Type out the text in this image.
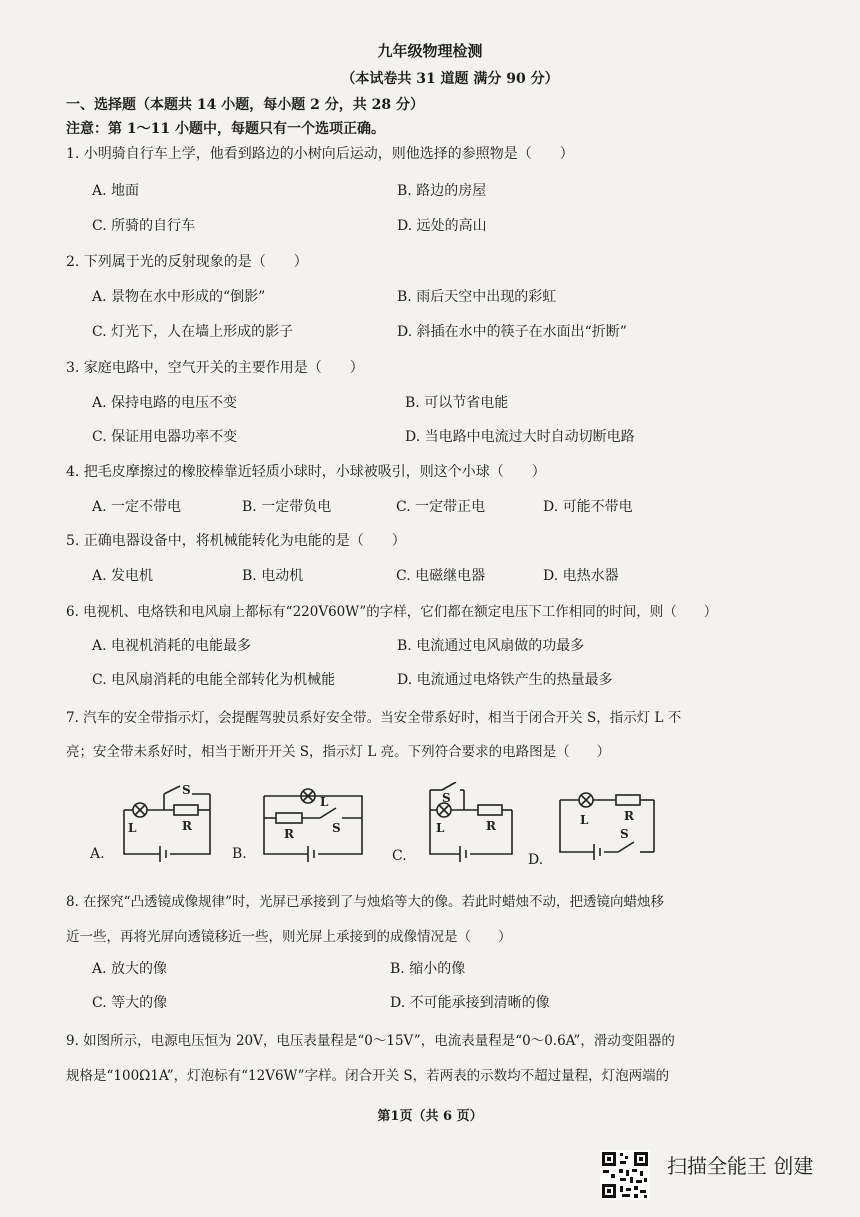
九年级物理检测
（本试卷共 31 道题 满分 90 分）
一、选择题（本题共 14 小题，每小题 2 分，共 28 分）
注意：第 1～11 小题中，每题只有一个选项正确。
1. 小明骑自行车上学，他看到路边的小树向后运动，则他选择的参照物是（　　）
A. 地面	B. 路边的房屋
C. 所骑的自行车	D. 远处的高山
2. 下列属于光的反射现象的是（　　）
A. 景物在水中形成的“倒影”	B. 雨后天空中出现的彩虹
C. 灯光下，人在墙上形成的影子	D. 斜插在水中的筷子在水面出“折断”
3. 家庭电路中，空气开关的主要作用是（　　）
A. 保持电路的电压不变	B. 可以节省电能
C. 保证用电器功率不变	D. 当电路中电流过大时自动切断电路
4. 把毛皮摩擦过的橡胶棒靠近轻质小球时，小球被吸引，则这个小球（　　）
A. 一定不带电	B. 一定带负电	C. 一定带正电	D. 可能不带电
5. 正确电器设备中，将机械能转化为电能的是（　　）
A. 发电机	B. 电动机	C. 电磁继电器	D. 电热水器
6. 电视机、电烙铁和电风扇上都标有“220V60W”的字样，它们都在额定电压下工作相同的时间，则（　　）
A. 电视机消耗的电能最多	B. 电流通过电风扇做的功最多
C. 电风扇消耗的电能全部转化为机械能	D. 电流通过电烙铁产生的热量最多
7. 汽车的安全带指示灯，会提醒驾驶员系好安全带。当安全带系好时，相当于闭合开关 S，指示灯 L 不
亮；安全带未系好时，相当于断开开关 S，指示灯 L 亮。下列符合要求的电路图是（　　）
A.
L
S
R
B.
L
R	S
C.
S
L	R
D.
L	R
S
8. 在探究“凸透镜成像规律”时，光屏已承接到了与烛焰等大的像。若此时蜡烛不动，把透镜向蜡烛移
近一些，再将光屏向透镜移近一些，则光屏上承接到的成像情况是（　　）
A. 放大的像	B. 缩小的像
C. 等大的像	D. 不可能承接到清晰的像
9. 如图所示，电源电压恒为 20V，电压表量程是“0～15V”，电流表量程是“0～0.6A”，滑动变阻器的
规格是“100Ω1A”，灯泡标有“12V6W”字样。闭合开关 S，若两表的示数均不超过量程，灯泡两端的
第1页（共 6 页）
扫描全能王 创建
